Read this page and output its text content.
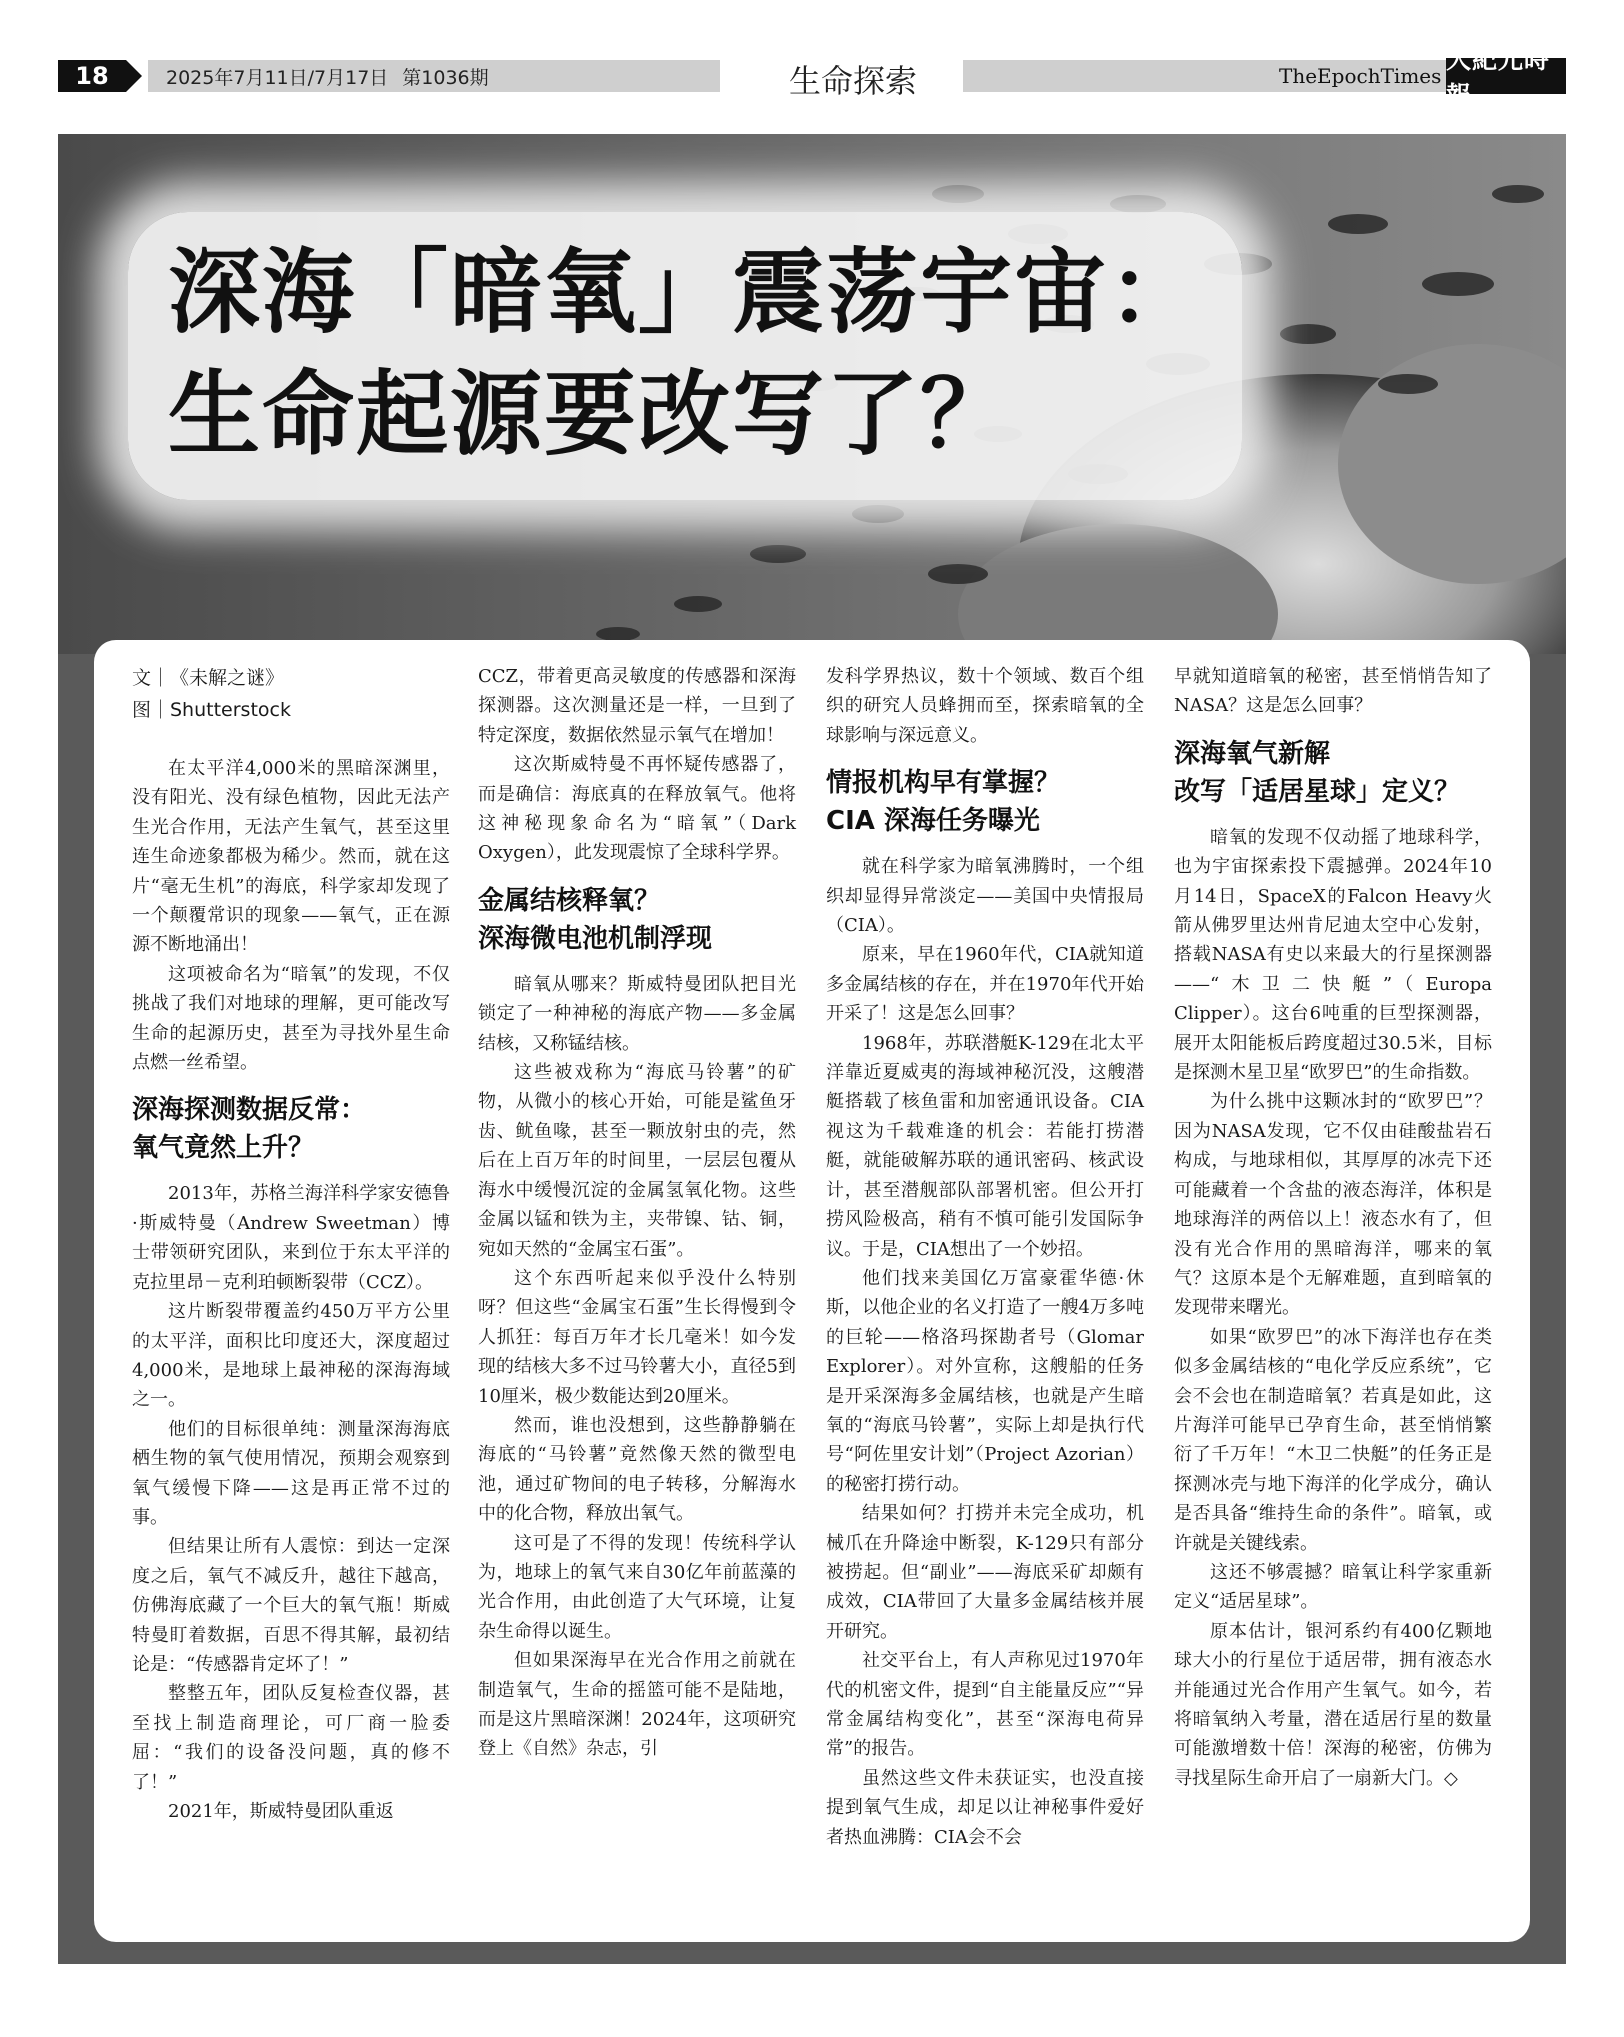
18	2025年7月11日/7月17日 第1036期	生命探索	TheEpochTimes
大紀元時報
深海「暗氧」震荡宇宙：
生命起源要改写了？
文｜《未解之谜》
图｜Shutterstock

在太平洋4,000米的黑暗深渊里，没有阳光、没有绿色植物，因此无法产生光合作用，无法产生氧气，甚至这里连生命迹象都极为稀少。然而，就在这片“毫无生机”的海底，科学家却发现了一个颠覆常识的现象——氧气，正在源源不断地涌出！

这项被命名为“暗氧”的发现，不仅挑战了我们对地球的理解，更可能改写生命的起源历史，甚至为寻找外星生命点燃一丝希望。

深海探测数据反常：
氧气竟然上升？

2013年，苏格兰海洋科学家安德鲁·斯威特曼（Andrew Sweetman）博士带领研究团队，来到位于东太平洋的克拉里昂－克利珀顿断裂带（CCZ）。

这片断裂带覆盖约450万平方公里的太平洋，面积比印度还大，深度超过4,000米，是地球上最神秘的深海海域之一。

他们的目标很单纯：测量深海海底栖生物的氧气使用情况，预期会观察到氧气缓慢下降——这是再正常不过的事。

但结果让所有人震惊：到达一定深度之后，氧气不减反升，越往下越高，仿佛海底藏了一个巨大的氧气瓶！斯威特曼盯着数据，百思不得其解，最初结论是：“传感器肯定坏了！”

整整五年，团队反复检查仪器，甚至找上制造商理论，可厂商一脸委屈：“我们的设备没问题，真的修不了！”

2021年，斯威特曼团队重返

CCZ，带着更高灵敏度的传感器和深海探测器。这次测量还是一样，一旦到了特定深度，数据依然显示氧气在增加！

这次斯威特曼不再怀疑传感器了，而是确信：海底真的在释放氧气。他将这神秘现象命名为“暗氧”（Dark Oxygen），此发现震惊了全球科学界。

金属结核释氧？
深海微电池机制浮现

暗氧从哪来？斯威特曼团队把目光锁定了一种神秘的海底产物——多金属结核，又称锰结核。

这些被戏称为“海底马铃薯”的矿物，从微小的核心开始，可能是鲨鱼牙齿、鱿鱼喙，甚至一颗放射虫的壳，然后在上百万年的时间里，一层层包覆从海水中缓慢沉淀的金属氢氧化物。这些金属以锰和铁为主，夹带镍、钴、铜，宛如天然的“金属宝石蛋”。

这个东西听起来似乎没什么特别呀？但这些“金属宝石蛋”生长得慢到令人抓狂：每百万年才长几毫米！如今发现的结核大多不过马铃薯大小，直径5到10厘米，极少数能达到20厘米。

然而，谁也没想到，这些静静躺在海底的“马铃薯”竟然像天然的微型电池，通过矿物间的电子转移，分解海水中的化合物，释放出氧气。

这可是了不得的发现！传统科学认为，地球上的氧气来自30亿年前蓝藻的光合作用，由此创造了大气环境，让复杂生命得以诞生。

但如果深海早在光合作用之前就在制造氧气，生命的摇篮可能不是陆地，而是这片黑暗深渊！2024年，这项研究登上《自然》杂志，引

发科学界热议，数十个领域、数百个组织的研究人员蜂拥而至，探索暗氧的全球影响与深远意义。

情报机构早有掌握？
CIA 深海任务曝光

就在科学家为暗氧沸腾时，一个组织却显得异常淡定——美国中央情报局（CIA）。

原来，早在1960年代，CIA就知道多金属结核的存在，并在1970年代开始开采了！这是怎么回事？

1968年，苏联潜艇K-129在北太平洋靠近夏威夷的海域神秘沉没，这艘潜艇搭载了核鱼雷和加密通讯设备。CIA视这为千载难逢的机会：若能打捞潜艇，就能破解苏联的通讯密码、核武设计，甚至潜舰部队部署机密。但公开打捞风险极高，稍有不慎可能引发国际争议。于是，CIA想出了一个妙招。

他们找来美国亿万富豪霍华德·休斯，以他企业的名义打造了一艘4万多吨的巨轮——格洛玛探勘者号（Glomar Explorer）。对外宣称，这艘船的任务是开采深海多金属结核，也就是产生暗氧的“海底马铃薯”，实际上却是执行代号“阿佐里安计划”（Project Azorian）的秘密打捞行动。

结果如何？打捞并未完全成功，机械爪在升降途中断裂，K-129只有部分被捞起。但“副业”——海底采矿却颇有成效，CIA带回了大量多金属结核并展开研究。

社交平台上，有人声称见过1970年代的机密文件，提到“自主能量反应”“异常金属结构变化”，甚至“深海电荷异常”的报告。

虽然这些文件未获证实，也没直接提到氧气生成，却足以让神秘事件爱好者热血沸腾：CIA会不会

早就知道暗氧的秘密，甚至悄悄告知了NASA？这是怎么回事？

深海氧气新解
改写「适居星球」定义？

暗氧的发现不仅动摇了地球科学，也为宇宙探索投下震撼弹。2024年10月14日，SpaceX的Falcon Heavy火箭从佛罗里达州肯尼迪太空中心发射，搭载NASA有史以来最大的行星探测器——“木卫二快艇”（Europa Clipper）。这台6吨重的巨型探测器，展开太阳能板后跨度超过30.5米，目标是探测木星卫星“欧罗巴”的生命指数。

为什么挑中这颗冰封的“欧罗巴”？因为NASA发现，它不仅由硅酸盐岩石构成，与地球相似，其厚厚的冰壳下还可能藏着一个含盐的液态海洋，体积是地球海洋的两倍以上！液态水有了，但没有光合作用的黑暗海洋，哪来的氧气？这原本是个无解难题，直到暗氧的发现带来曙光。

如果“欧罗巴”的冰下海洋也存在类似多金属结核的“电化学反应系统”，它会不会也在制造暗氧？若真是如此，这片海洋可能早已孕育生命，甚至悄悄繁衍了千万年！“木卫二快艇”的任务正是探测冰壳与地下海洋的化学成分，确认是否具备“维持生命的条件”。暗氧，或许就是关键线索。

这还不够震撼？暗氧让科学家重新定义“适居星球”。

原本估计，银河系约有400亿颗地球大小的行星位于适居带，拥有液态水并能通过光合作用产生氧气。如今，若将暗氧纳入考量，潜在适居行星的数量可能激增数十倍！深海的秘密，仿佛为寻找星际生命开启了一扇新大门。◇
